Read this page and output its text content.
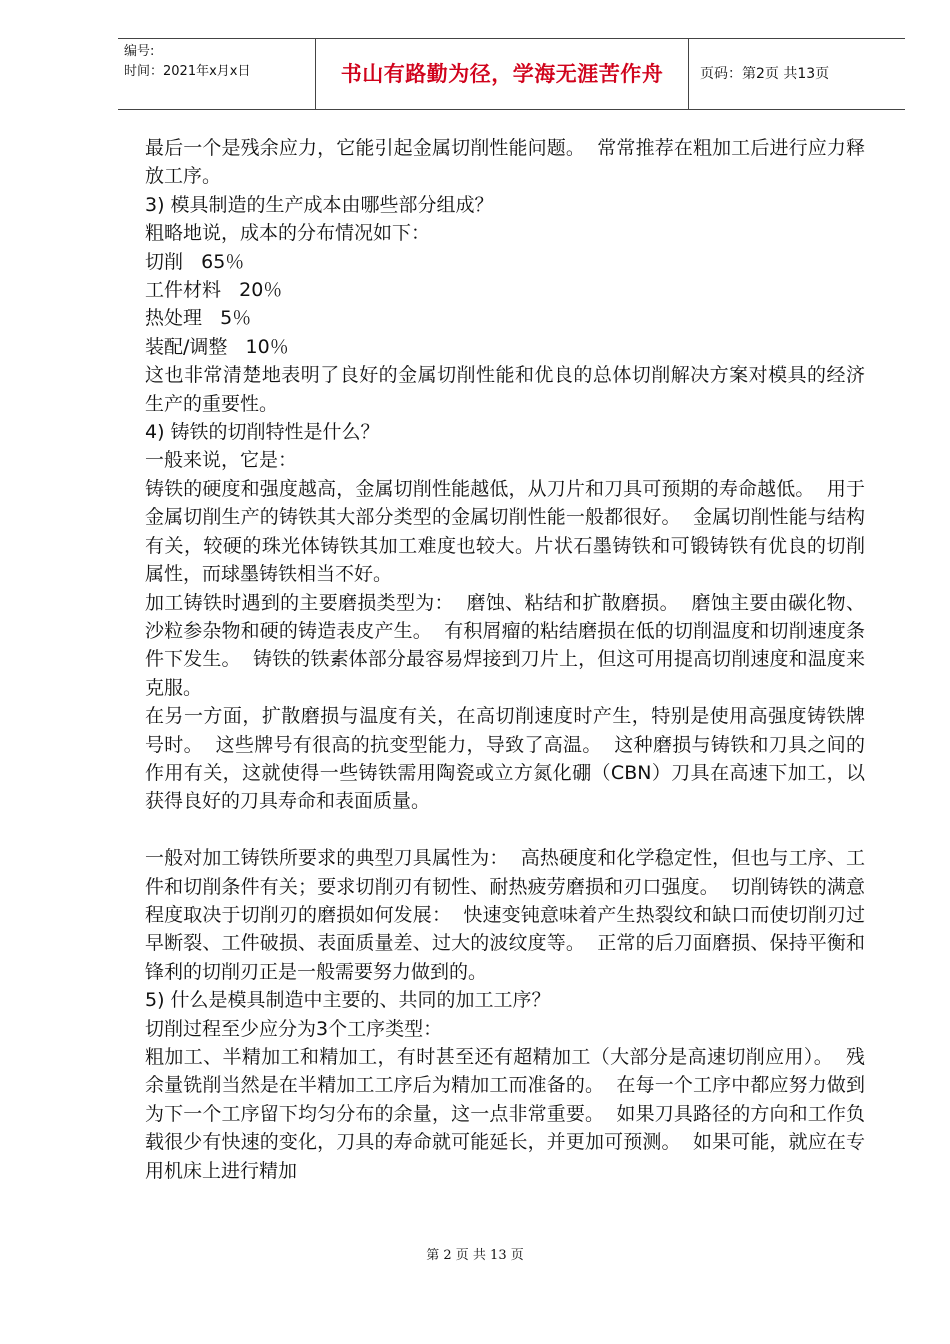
编号:
时间：2021年x月x日	书山有路勤为径，学海无涯苦作舟	页码：第2页 共13页

最后一个是残余应力，它能引起金属切削性能问题。  常常推荐在粗加工后进行应力释放工序。

3) 模具制造的生产成本由哪些部分组成？

粗略地说，成本的分布情况如下：

切削   65％

工件材料   20％

热处理   5％

装配/调整   10％

这也非常清楚地表明了良好的金属切削性能和优良的总体切削解决方案对模具的经济生产的重要性。

4) 铸铁的切削特性是什么？

一般来说，它是：

铸铁的硬度和强度越高，金属切削性能越低，从刀片和刀具可预期的寿命越低。  用于金属切削生产的铸铁其大部分类型的金属切削性能一般都很好。  金属切削性能与结构有关，较硬的珠光体铸铁其加工难度也较大。片状石墨铸铁和可锻铸铁有优良的切削属性，而球墨铸铁相当不好。

加工铸铁时遇到的主要磨损类型为：  磨蚀、粘结和扩散磨损。  磨蚀主要由碳化物、沙粒参杂物和硬的铸造表皮产生。  有积屑瘤的粘结磨损在低的切削温度和切削速度条件下发生。  铸铁的铁素体部分最容易焊接到刀片上，但这可用提高切削速度和温度来克服。

在另一方面，扩散磨损与温度有关，在高切削速度时产生，特别是使用高强度铸铁牌号时。  这些牌号有很高的抗变型能力，导致了高温。  这种磨损与铸铁和刀具之间的作用有关，这就使得一些铸铁需用陶瓷或立方氮化硼（CBN）刀具在高速下加工，以获得良好的刀具寿命和表面质量。

一般对加工铸铁所要求的典型刀具属性为：  高热硬度和化学稳定性，但也与工序、工件和切削条件有关；要求切削刃有韧性、耐热疲劳磨损和刃口强度。  切削铸铁的满意程度取决于切削刃的磨损如何发展：  快速变钝意味着产生热裂纹和缺口而使切削刃过早断裂、工件破损、表面质量差、过大的波纹度等。  正常的后刀面磨损、保持平衡和锋利的切削刃正是一般需要努力做到的。

5) 什么是模具制造中主要的、共同的加工工序？

切削过程至少应分为3个工序类型：

粗加工、半精加工和精加工，有时甚至还有超精加工（大部分是高速切削应用）。  残余量铣削当然是在半精加工工序后为精加工而准备的。  在每一个工序中都应努力做到为下一个工序留下均匀分布的余量，这一点非常重要。  如果刀具路径的方向和工作负载很少有快速的变化，刀具的寿命就可能延长，并更加可预测。  如果可能，就应在专用机床上进行精加

第 2 页 共 13 页
